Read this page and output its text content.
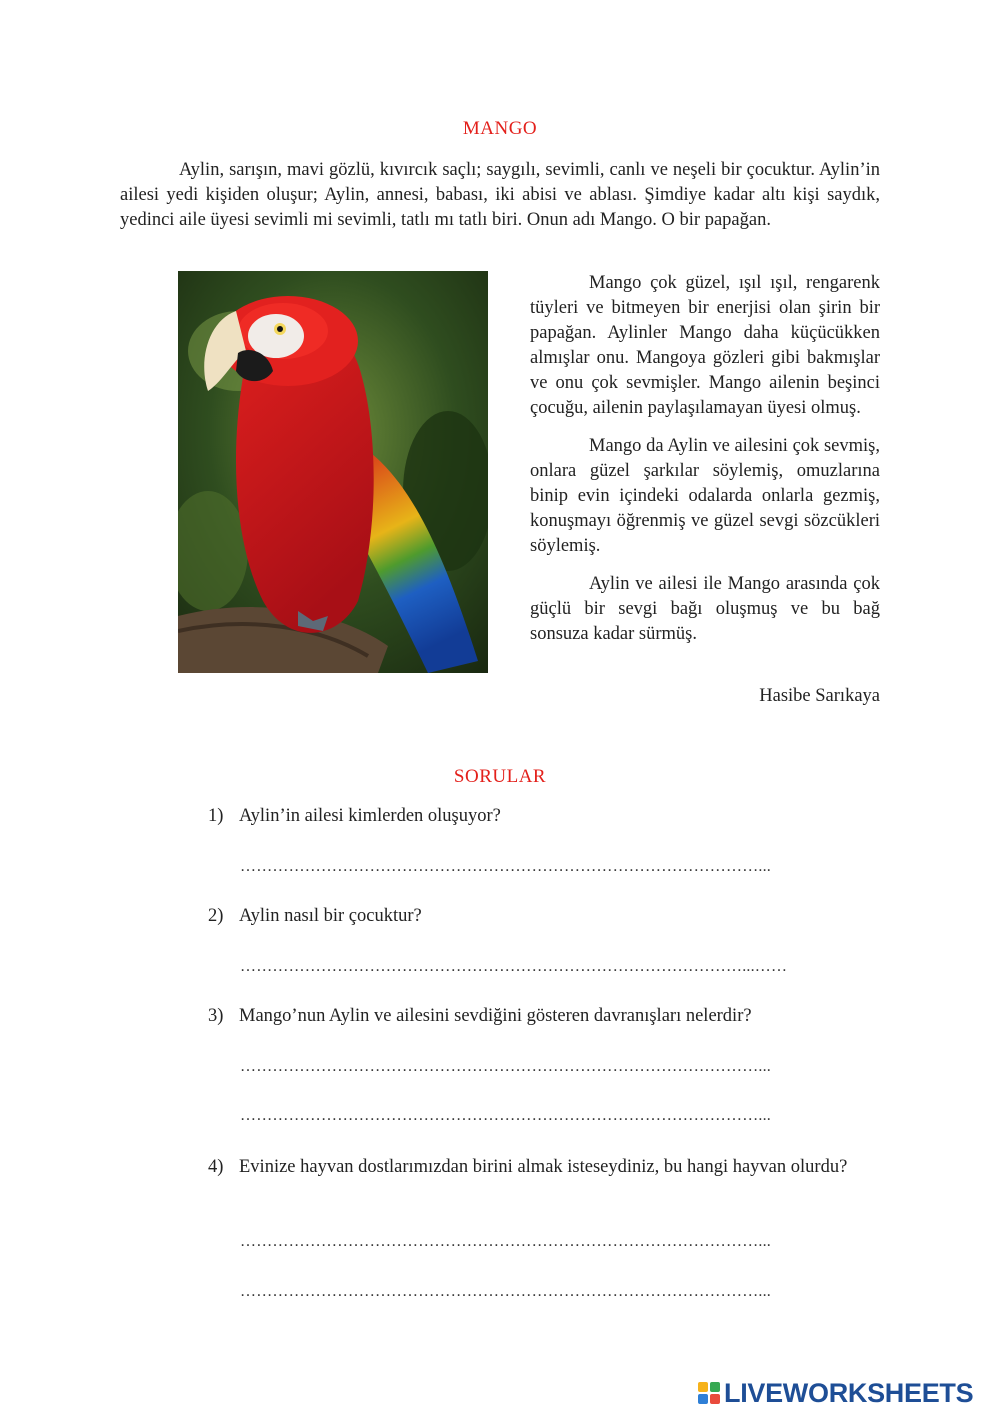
MANGO

Aylin, sarışın, mavi gözlü, kıvırcık saçlı; saygılı, sevimli, canlı ve neşeli bir çocuktur. Aylin’in ailesi yedi kişiden oluşur; Aylin, annesi, babası, iki abisi ve ablası. Şimdiye kadar altı kişi saydık, yedinci aile üyesi sevimli mi sevimli, tatlı mı tatlı biri. Onun adı Mango. O bir papağan.

Mango çok güzel, ışıl ışıl, rengarenk tüyleri ve bitmeyen bir enerjisi olan şirin bir papağan. Aylinler Mango daha küçücükken almışlar onu. Mangoya gözleri gibi bakmışlar ve onu çok sevmişler. Mango ailenin beşinci çocuğu, ailenin paylaşılamayan üyesi olmuş.

Mango da Aylin ve ailesini çok sevmiş, onlara güzel şarkılar söylemiş, omuzlarına binip evin içindeki odalarda onlarla gezmiş, konuşmayı öğrenmiş ve güzel sevgi sözcükleri söylemiş.

Aylin ve ailesi ile Mango arasında çok güçlü bir sevgi bağı oluşmuş ve bu bağ sonsuza kadar sürmüş.

Hasibe Sarıkaya
SORULAR
1) Aylin’in ailesi kimlerden oluşuyor?
……………………………………………………………………………………...
2) Aylin nasıl bir çocuktur?
…………………………………………………………………………………...……
3) Mango’nun Aylin ve ailesini sevdiğini gösteren davranışları nelerdir?
……………………………………………………………………………………...
……………………………………………………………………………………...
4) Evinize hayvan dostlarımızdan birini almak isteseydiniz, bu hangi hayvan olurdu?
……………………………………………………………………………………...
……………………………………………………………………………………...
LIVEWORKSHEETS
